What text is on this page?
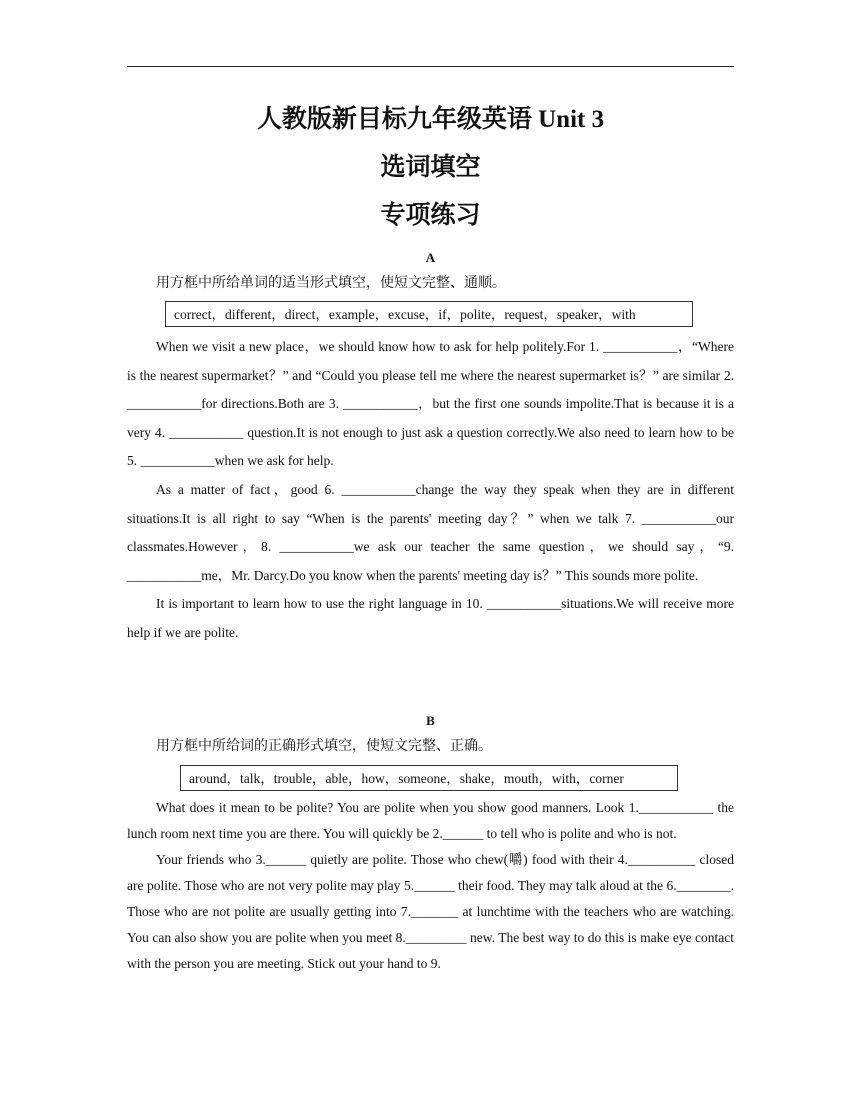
人教版新目标九年级英语 Unit 3
选词填空
专项练习
A
用方框中所给单词的适当形式填空，使短文完整、通顺。
correct，different，direct，example，excuse，if，polite，request，speaker，with

When we visit a new place，we should know how to ask for help politely.For 1. ___________，“Where is the nearest supermarket？” and “Could you please tell me where the nearest supermarket is？” are similar 2. ___________for directions.Both are 3. ___________，but the first one sounds impolite.That is because it is a very 4. ___________ question.It is not enough to just ask a question correctly.We also need to learn how to be 5. ___________when we ask for help.

As a matter of fact，good 6. ___________change the way they speak when they are in different situations.It is all right to say “When is the parents' meeting day？” when we talk 7. ___________our classmates.However，8. ___________we ask our teacher the same question，we should say，“9. ___________me，Mr. Darcy.Do you know when the parents' meeting day is？” This sounds more polite.

It is important to learn how to use the right language in 10. ___________situations.We will receive more help if we are polite.

B
用方框中所给词的正确形式填空，使短文完整、正确。
around，talk，trouble，able，how，someone，shake，mouth，with，corner

What does it mean to be polite? You are polite when you show good manners. Look 1.___________ the lunch room next time you are there. You will quickly be 2.______ to tell who is polite and who is not.

Your friends who 3.______ quietly are polite. Those who chew(嚼) food with their 4.__________ closed are polite. Those who are not very polite may play 5.______ their food. They may talk aloud at the 6.________. Those who are not polite are usually getting into 7._______ at lunchtime with the teachers who are watching. You can also show you are polite when you meet 8._________ new. The best way to do this is make eye contact with the person you are meeting. Stick out your hand to 9.
